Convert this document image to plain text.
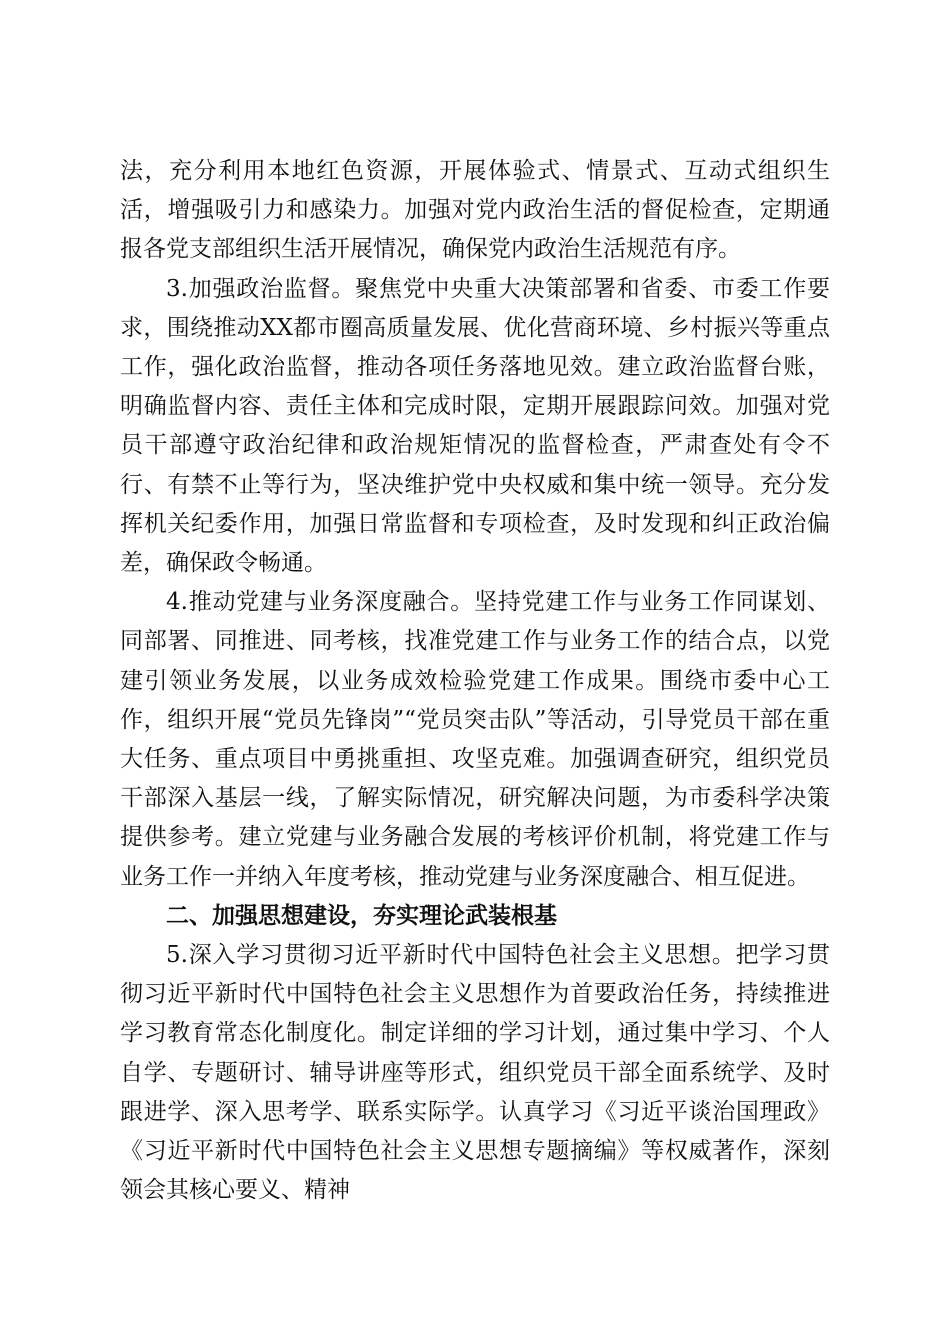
法，充分利用本地红色资源，开展体验式、情景式、互动式组织生活，增强吸引力和感染力。加强对党内政治生活的督促检查，定期通报各党支部组织生活开展情况，确保党内政治生活规范有序。

3.加强政治监督。聚焦党中央重大决策部署和省委、市委工作要求，围绕推动XX都市圈高质量发展、优化营商环境、乡村振兴等重点工作，强化政治监督，推动各项任务落地见效。建立政治监督台账，明确监督内容、责任主体和完成时限，定期开展跟踪问效。加强对党员干部遵守政治纪律和政治规矩情况的监督检查，严肃查处有令不行、有禁不止等行为，坚决维护党中央权威和集中统一领导。充分发挥机关纪委作用，加强日常监督和专项检查，及时发现和纠正政治偏差，确保政令畅通。

4.推动党建与业务深度融合。坚持党建工作与业务工作同谋划、同部署、同推进、同考核，找准党建工作与业务工作的结合点，以党建引领业务发展，以业务成效检验党建工作成果。围绕市委中心工作，组织开展“党员先锋岗”“党员突击队”等活动，引导党员干部在重大任务、重点项目中勇挑重担、攻坚克难。加强调查研究，组织党员干部深入基层一线，了解实际情况，研究解决问题，为市委科学决策提供参考。建立党建与业务融合发展的考核评价机制，将党建工作与业务工作一并纳入年度考核，推动党建与业务深度融合、相互促进。

二、加强思想建设，夯实理论武装根基

5.深入学习贯彻习近平新时代中国特色社会主义思想。把学习贯彻习近平新时代中国特色社会主义思想作为首要政治任务，持续推进学习教育常态化制度化。制定详细的学习计划，通过集中学习、个人自学、专题研讨、辅导讲座等形式，组织党员干部全面系统学、及时跟进学、深入思考学、联系实际学。认真学习《习近平谈治国理政》《习近平新时代中国特色社会主义思想专题摘编》等权威著作，深刻领会其核心要义、精神
